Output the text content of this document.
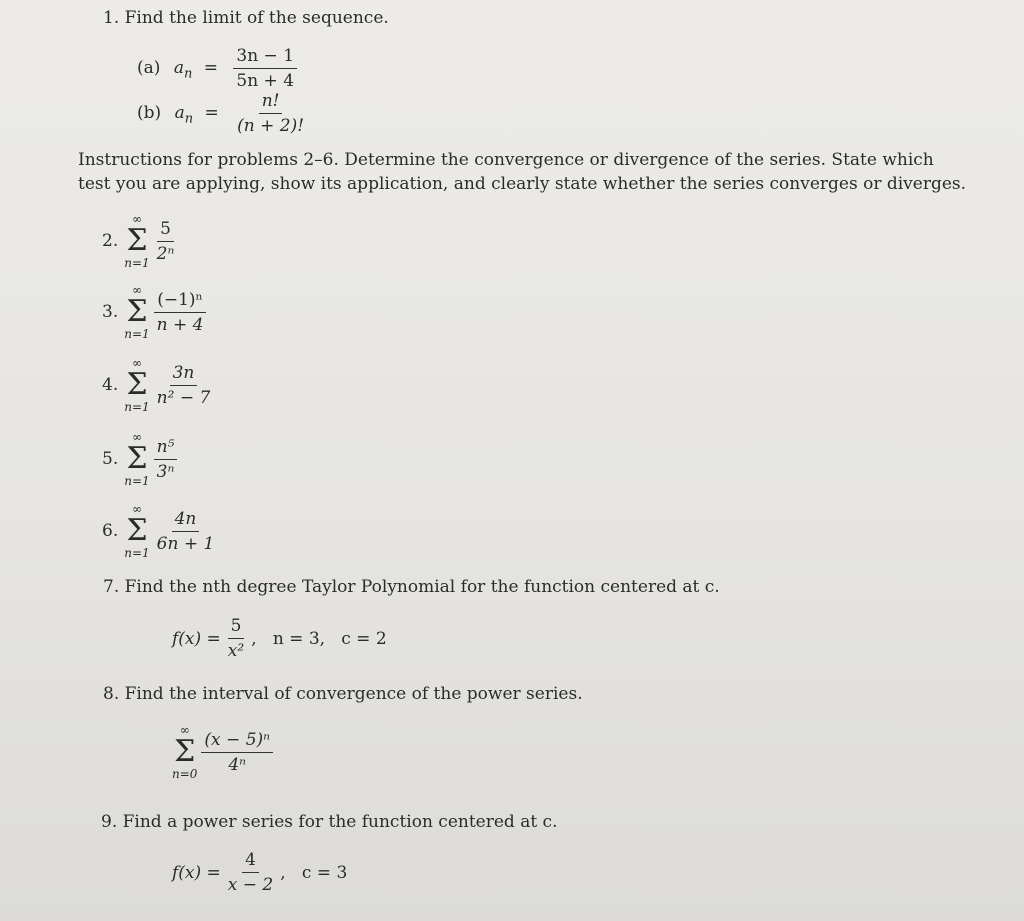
1. Find the limit of the sequence.
(a) $a_n = \frac{3n - 1}{5n + 4}$
(b) $a_n = \frac{n!}{(n + 2)!}$
Instructions for problems 2–6. Determine the convergence or divergence of the series. State which
test you are applying, show its application, and clearly state whether the series converges or diverges.
2.
∞
Σ
$n=1 \frac{5}{\text{2ⁿ}}$
3.
∞
Σ
$n=1 \frac{\text{(−1)ⁿ}}{n + 4}$
4.
∞
Σ
$n=1 \frac{3n}{\text{n² − 7}}$
5.
∞
Σ
$n=1 \frac{\text{n⁵}}{\text{3ⁿ}}$
6.
∞
Σ
$n=1 \frac{4n}{6n + 1}$
7. Find the nth degree Taylor Polynomial for the function centered at c.
$f(x) = \frac{5}{\text{x²}}$ ,   n = 3,   c = 2
8. Find the interval of convergence of the power series.
∞
Σ
$n=0 \frac{\text{(x − 5)ⁿ}}{\text{4ⁿ}}$
9. Find a power series for the function centered at c.
$f(x) = \frac{4}{x - 2}$ ,   c = 3
